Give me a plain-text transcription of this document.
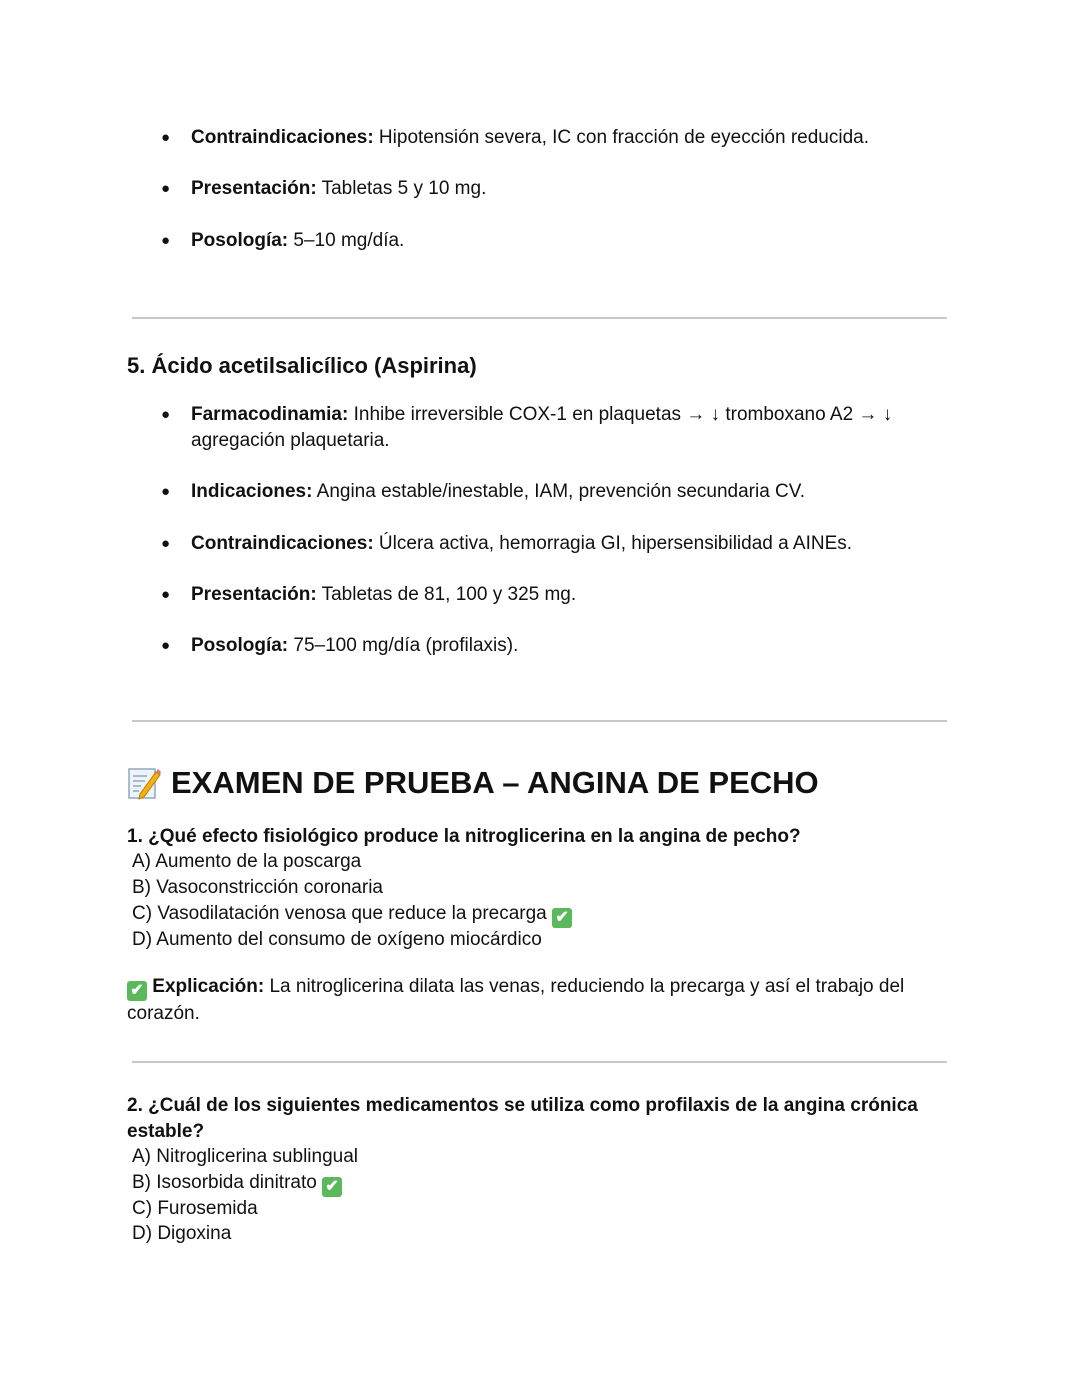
● Contraindicaciones: Hipotensión severa, IC con fracción de eyección reducida.
● Presentación: Tabletas 5 y 10 mg.
● Posología: 5–10 mg/día.
5. Ácido acetilsalicílico (Aspirina)
● Farmacodinamia: Inhibe irreversible COX-1 en plaquetas → ↓ tromboxano A2 → ↓ agregación plaquetaria.
● Indicaciones: Angina estable/inestable, IAM, prevención secundaria CV.
● Contraindicaciones: Úlcera activa, hemorragia GI, hipersensibilidad a AINEs.
● Presentación: Tabletas de 81, 100 y 325 mg.
● Posología: 75–100 mg/día (profilaxis).
EXAMEN DE PRUEBA – ANGINA DE PECHO
1. ¿Qué efecto fisiológico produce la nitroglicerina en la angina de pecho?
A) Aumento de la poscarga
B) Vasoconstricción coronaria
C) Vasodilatación venosa que reduce la precarga ✔
D) Aumento del consumo de oxígeno miocárdico
✔ Explicación: La nitroglicerina dilata las venas, reduciendo la precarga y así el trabajo del corazón.
2. ¿Cuál de los siguientes medicamentos se utiliza como profilaxis de la angina crónica estable?
A) Nitroglicerina sublingual
B) Isosorbida dinitrato ✔
C) Furosemida
D) Digoxina
